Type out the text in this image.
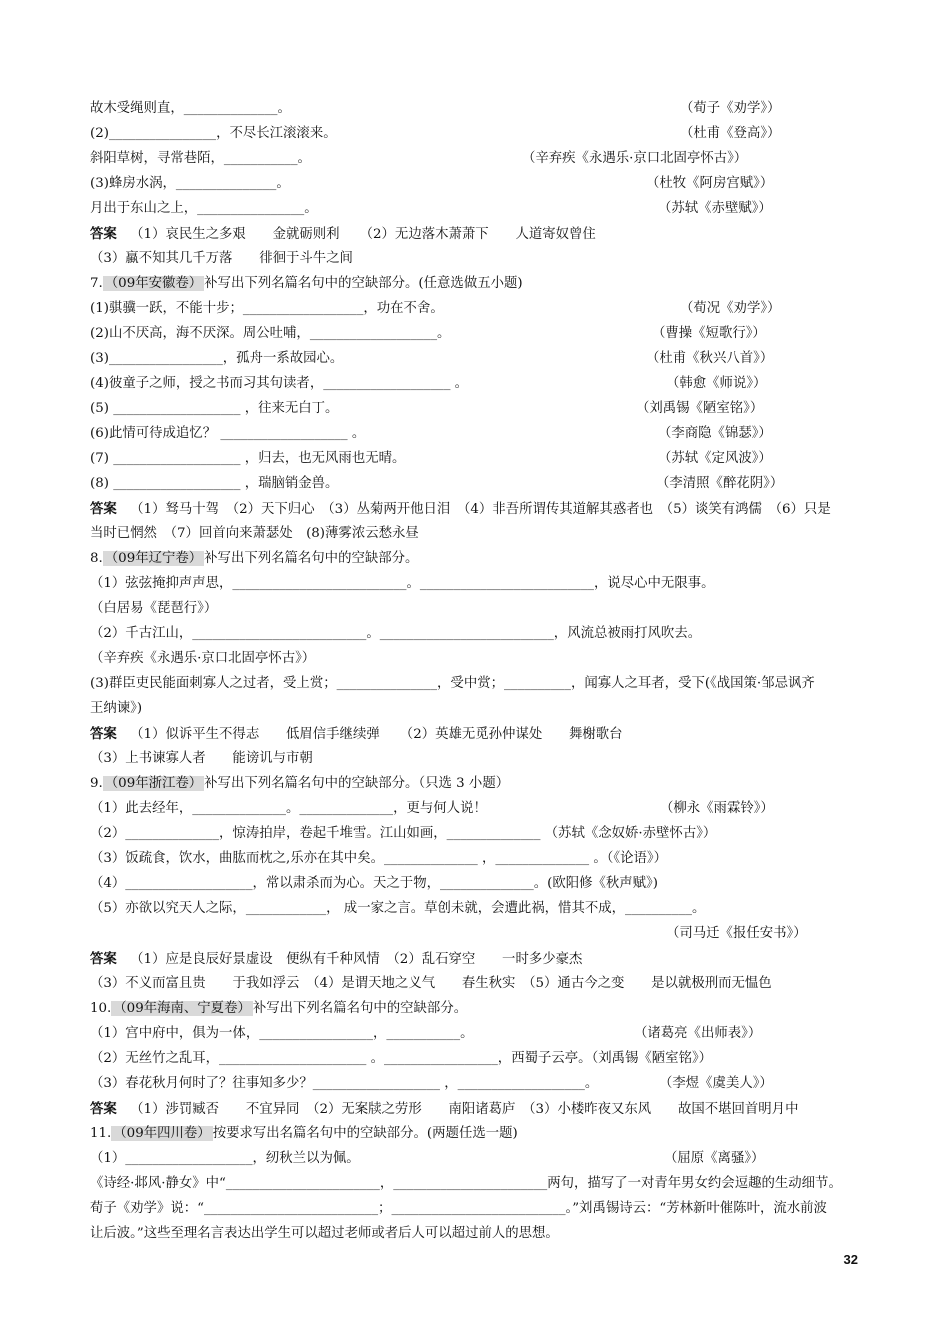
故木受绳则直，______________。	（荀子《劝学》）
(2)________________，不尽长江滚滚来。	（杜甫《登高》）
斜阳草树，寻常巷陌，___________。	（辛弃疾《永遇乐·京口北固亭怀古》）
(3)蜂房水涡，_______________。	（杜牧《阿房宫赋》）
月出于东山之上，________________。	（苏轼《赤壁赋》）
答案 （1）哀民生之多艰　　金就砺则利　　（2）无边落木萧萧下　　人道寄奴曾住
（3）蠃不知其几千万落　　徘徊于斗牛之间
7. （09年安徽卷） 补写出下列名篇名句中的空缺部分。(任意选做五小题)
(1)骐骥一跃，不能十步；__________________，功在不舍。	（荀况《劝学》）
(2)山不厌高，海不厌深。周公吐哺，___________________。	（曹操《短歌行》）
(3)_________________，孤舟一系故园心。	（杜甫《秋兴八首》）
(4)彼童子之师，授之书而习其句读者，___________________ 。	（韩愈《师说》）
(5) ___________________ ，往来无白丁。	（刘禹锡《陋室铭》）
(6)此情可待成追忆？ ___________________ 。	（李商隐《锦瑟》）
(7) ___________________ ，归去，也无风雨也无晴。	（苏轼《定风波》）
(8) ___________________ ，瑞脑销金兽。	（李清照《醉花阴》）
答案 （1）驽马十驾　（2）天下归心　（3）丛菊两开他日泪　（4）非吾所谓传其道解其惑者也　（5）谈笑有鸿儒　（6）只是
当时已惘然　（7）回首向来萧瑟处　(8)薄雾浓云愁永昼
8. （09年辽宁卷） 补写出下列名篇名句中的空缺部分。
（1）弦弦掩抑声声思，__________________________。__________________________，说尽心中无限事。
（白居易《琵琶行》）
（2）千古江山，__________________________。__________________________，风流总被雨打风吹去。
（辛弃疾《永遇乐·京口北固亭怀古》）
(3)群臣吏民能面刺寡人之过者，受上赏；_______________，受中赏；__________，闻寡人之耳者，受下(《战国策·邹忌讽齐
王纳谏》)
答案 （1）似诉平生不得志　　低眉信手继续弹　　（2）英雄无觅孙仲谋处　　舞榭歌台
（3）上书谏寡人者　　能谤讥与市朝
9. （09年浙江卷） 补写出下列名篇名句中的空缺部分。（只选 3 小题）
（1）此去经年，______________。______________，更与何人说！	（柳永《雨霖铃》）
（2）______________，惊涛拍岸，卷起千堆雪。江山如画，______________ （苏轼《念奴娇·赤壁怀古》）
（3）饭疏食，饮水，曲肱而枕之,乐亦在其中矣。______________ ，______________ 。（《论语》）
（4）___________________，常以肃杀而为心。天之于物，______________。(欧阳修《秋声赋》)
（5）亦欲以究天人之际，____________， 成一家之言。草创未就，会遭此祸，惜其不成，__________。
（司马迁《报任安书》）
答案 （1）应是良辰好景虚设　便纵有千种风情　（2）乱石穿空　　一时多少豪杰
（3）不义而富且贵　　于我如浮云　（4）是谓天地之义气　　春生秋实　（5）通古今之变　　是以就极刑而无愠色
10. （09年海南、宁夏卷） 补写出下列名篇名句中的空缺部分。
（1）宫中府中，俱为一体，_________________，___________。	（诸葛亮《出师表》）
（2）无丝竹之乱耳，______________________ 。_________________，西蜀子云亭。（刘禹锡《陋室铭》）
（3）春花秋月何时了？往事知多少？___________________ ，___________________。	（李煜《虞美人》）
答案 （1）涉罚臧否　　不宜异同　（2）无案牍之劳形　　南阳诸葛庐　（3）小楼昨夜又东风　　故国不堪回首明月中
11. （09年四川卷） 按要求写出名篇名句中的空缺部分。(两题任选一题)
（1）___________________，纫秋兰以为佩。	（屈原《离骚》）
《诗经·邶风·静女》中“_______________________，_______________________两句，描写了一对青年男女约会逗趣的生动细节。
荀子《劝学》说：“__________________________；__________________________。”刘禹锡诗云：“芳林新叶催陈叶，流水前波
让后波。”这些至理名言表达出学生可以超过老师或者后人可以超过前人的思想。
32
